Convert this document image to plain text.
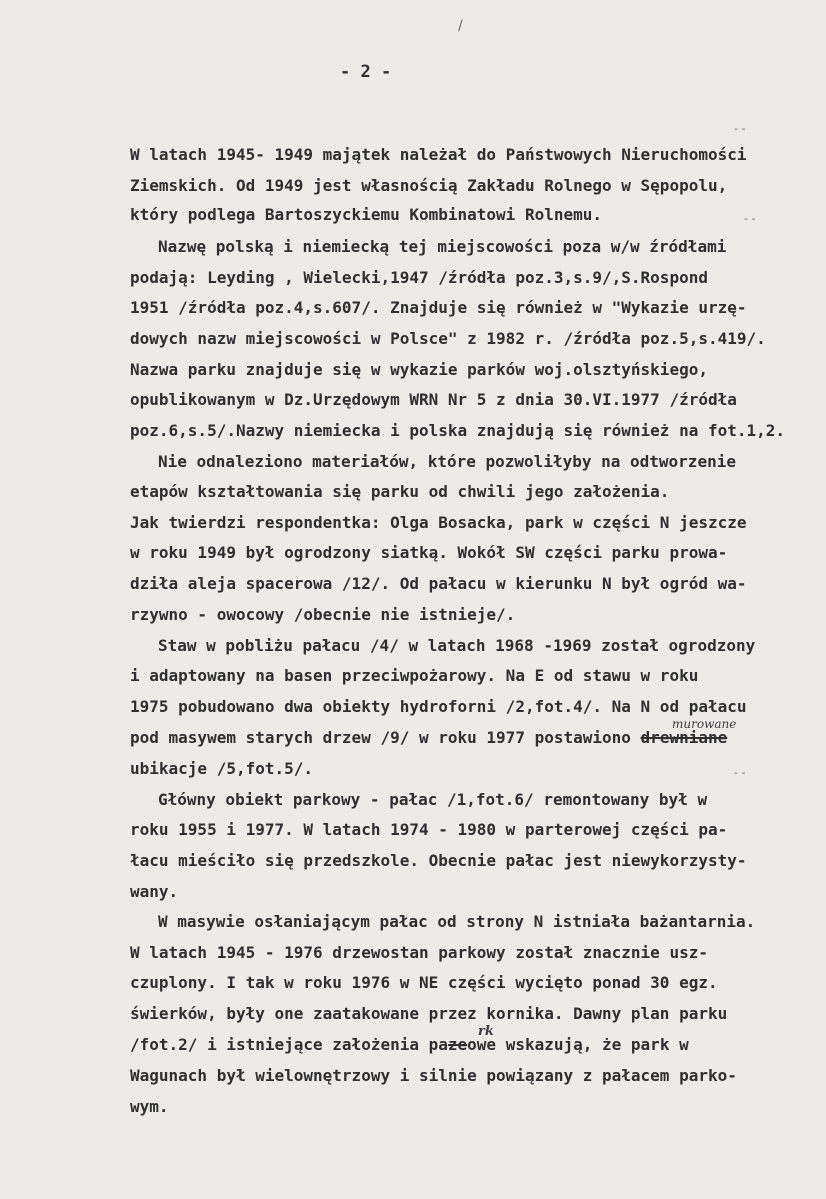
- 2 -

W latach 1945- 1949 majątek należał do Państwowych Nieruchomości

Ziemskich. Od 1949 jest własnością Zakładu Rolnego w Sępopolu,

który podlega Bartoszyckiemu Kombinatowi Rolnemu.

Nazwę polską i niemiecką tej miejscowości poza w/w źródłami

podają: Leyding , Wielecki,1947 /źródła poz.3,s.9/,S.Rospond

1951 /źródła poz.4,s.607/. Znajduje się również w "Wykazie urzę-

dowych nazw miejscowości w Polsce" z 1982 r. /źródła poz.5,s.419/.

Nazwa parku znajduje się w wykazie parków woj.olsztyńskiego,

opublikowanym w Dz.Urzędowym WRN Nr 5 z dnia 30.VI.1977 /źródła

poz.6,s.5/.Nazwy niemiecka i polska znajdują się również na fot.1,2.

Nie odnaleziono materiałów, które pozwoliłyby na odtworzenie

etapów kształtowania się parku od chwili jego założenia.

Jak twierdzi respondentka: Olga Bosacka, park w części N jeszcze

w roku 1949 był ogrodzony siatką. Wokół SW części parku prowa-

dziła aleja spacerowa /12/. Od pałacu w kierunku N był ogród wa-

rzywno - owocowy /obecnie nie istnieje/.

Staw w pobliżu pałacu /4/ w latach 1968 -1969 został ogrodzony

i adaptowany na basen przeciwpożarowy. Na E od stawu w roku

1975 pobudowano dwa obiekty hydroforni /2,fot.4/. Na N od pałacu

murowane

pod masywem starych drzew /9/ w roku 1977 postawiono drewniane

ubikacje /5,fot.5/.

Główny obiekt parkowy - pałac /1,fot.6/ remontowany był w

roku 1955 i 1977. W latach 1974 - 1980 w parterowej części pa-

łacu mieściło się przedszkole. Obecnie pałac jest niewykorzysty-

wany.

W masywie osłaniającym pałac od strony N istniała bażantarnia.

W latach 1945 - 1976 drzewostan parkowy został znacznie usz-

czuplony. I tak w roku 1976 w NE części wycięto ponad 30 egz.

świerków, były one zaatakowane przez kornika. Dawny plan parku

rk

/fot.2/ i istniejące założenia pazeowe wskazują, że park w

Wagunach był wielownętrzowy i silnie powiązany z pałacem parko-

wym.

- -
- -
- -
/
